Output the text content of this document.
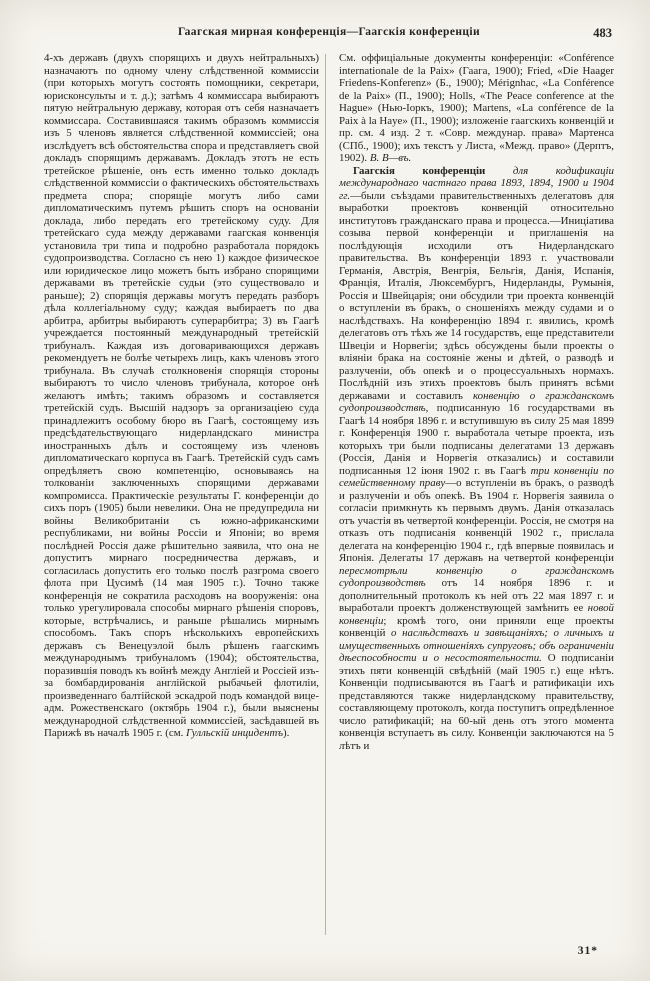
Гаагская мирная конференція—Гаагскія конференціи	483

4-хъ державъ (двухъ спорящихъ и двухъ нейтральныхъ) назначаютъ по одному члену слѣдственной коммиссіи (при которыхъ могутъ состоять помощники, секретари, юрисконсульты и т. д.); затѣмъ 4 коммиссара выбираютъ пятую нейтральную державу, которая отъ себя назначаетъ коммиссара. Составившаяся такимъ образомъ коммиссія изъ 5 членовъ является слѣдственной коммиссіей; она изслѣдуетъ всѣ обстоятельства спора и представляетъ свой докладъ спорящимъ державамъ. Докладъ этотъ не есть третейское рѣшеніе, онъ есть именно только докладъ слѣдственной коммиссіи о фактическихъ обстоятельствахъ предмета спора; спорящіе могутъ либо сами дипломатическимъ путемъ рѣшить споръ на основаніи доклада, либо передать его третейскому суду. Для третейскаго суда между державами гаагская конвенція установила три типа и подробно разработала порядокъ судопроизводства. Согласно съ нею 1) каждое физическое или юридическое лицо можетъ быть избрано спорящими державами въ третейскіе судьи (это существовало и раньше); 2) спорящія державы могутъ передать разборъ дѣла коллегіальному суду; каждая выбираетъ по два арбитра, арбитры выбираютъ суперарбитра; 3) въ Гаагѣ учреждается постоянный международный третейскій трибуналъ. Каждая изъ договаривающихся державъ рекомендуетъ не болѣе четырехъ лицъ, какъ членовъ этого трибунала. Въ случаѣ столкновенія спорящія стороны выбираютъ то число членовъ трибунала, которое онѣ желаютъ имѣть; такимъ образомъ и составляется третейскій судъ. Высшій надзоръ за организаціею суда принадлежитъ особому бюро въ Гаагѣ, состоящему изъ предсѣдательствующаго нидерландскаго министра иностранныхъ дѣлъ и состоящему изъ членовъ дипломатическаго корпуса въ Гаагѣ. Третейскій судъ самъ опредѣляетъ свою компетенцію, основываясь на толкованіи заключенныхъ спорящими державами компромисса. Практическіе результаты Г. конференціи до сихъ поръ (1905) были невелики. Она не предупредила ни войны Великобританіи съ южно-африканскими республиками, ни войны Россіи и Японіи; во время послѣдней Россія даже рѣшительно заявила, что она не допуститъ мирнаго посредничества державъ, и согласилась допустить его только послѣ разгрома своего флота при Цусимѣ (14 мая 1905 г.). Точно также конференція не сократила расходовъ на вооруженія: она только урегулировала способы мирнаго рѣшенія споровъ, которые, встрѣчались, и раньше рѣшались мирнымъ способомъ. Такъ споръ нѣсколькихъ европейскихъ державъ съ Венецуэлой былъ рѣшенъ гаагскимъ международнымъ трибуналомъ (1904); обстоятельства, поразившія поводъ къ войнѣ между Англіей и Россіей изъ-за бомбардированія англійской рыбачьей флотиліи, произведеннаго балтійской эскадрой подъ командой вице-адм. Рожественскаго (октябрь 1904 г.), были выяснены международной слѣдственной коммиссіей, засѣдавшей въ Парижѣ въ началѣ 1905 г. (см. Гулльскій инцидентъ).

См. оффиціальные документы конференціи: «Conférence internationale de la Paix» (Гаага, 1900); Fried, «Die Haager Friedens-Konferenz» (Б., 1900); Mérignhac, «La Conférence de la Paix» (П., 1900); Holls, «The Peace conference at the Hague» (Нью-Іоркъ, 1900); Martens, «La conférence de la Paix à la Haye» (П., 1900); изложеніе гаагскихъ конвенцій и пр. см. 4 изд. 2 т. «Совр. междунар. права» Мартенса (СПб., 1900); ихъ текстъ у Листа, «Межд. право» (Дерптъ, 1902). В. В—въ.

Гаагскія конференціи для кодификаціи международнаго частнаго права 1893, 1894, 1900 и 1904 гг.—были съѣздами правительственныхъ делегатовъ для выработки проектовъ конвенцій относительно институтовъ гражданскаго права и процесса.—Иниціатива созыва первой конференціи и приглашенія на послѣдующія исходили отъ Нидерландскаго правительства. Въ конференціи 1893 г. участвовали Германія, Австрія, Венгрія, Бельгія, Данія, Испанія, Франція, Италія, Люксембургъ, Нидерланды, Румынія, Россія и Швейцарія; они обсудили три проекта конвенцій о вступленіи въ бракъ, о сношеніяхъ между судами и о наслѣдствахъ. На конференцію 1894 г. явились, кромѣ делегатовъ отъ тѣхъ же 14 государствъ, еще представители Швеціи и Норвегіи; здѣсь обсуждены были проекты о вліяніи брака на состояніе жены и дѣтей, о разводѣ и разлученіи, объ опекѣ и о процессуальныхъ нормахъ. Послѣдній изъ этихъ проектовъ былъ принятъ всѣми державами и составилъ конвенцію о гражданскомъ судопроизводствѣ, подписанную 16 государствами въ Гаагѣ 14 ноября 1896 г. и вступившую въ силу 25 мая 1899 г. Конференція 1900 г. выработала четыре проекта, изъ которыхъ три были подписаны делегатами 13 державъ (Россія, Данія и Норвегія отказались) и составили подписанныя 12 іюня 1902 г. въ Гаагѣ три конвенціи по семейственному праву—о вступленіи въ бракъ, о разводѣ и разлученіи и объ опекѣ. Въ 1904 г. Норвегія заявила о согласіи примкнуть къ первымъ двумъ. Данія отказалась отъ участія въ четвертой конференціи. Россія, не смотря на отказъ отъ подписанія конвенцій 1902 г., прислала делегата на конференцію 1904 г., гдѣ впервые появилась и Японія. Делегаты 17 державъ на четвертой конференціи пересмотрѣли конвенцію о гражданскомъ судопроизводствѣ отъ 14 ноября 1896 г. и дополнительный протоколъ къ ней отъ 22 мая 1897 г. и выработали проектъ долженствующей замѣнить ее новой конвенціи; кромѣ того, они приняли еще проекты конвенцій о наслѣдствахъ и завѣщаніяхъ; о личныхъ и имущественныхъ отношеніяхъ супруговъ; объ ограниченіи дѣеспособности и о несостоятельности. О подписаніи этихъ пяти конвенцій свѣдѣній (май 1905 г.) еще нѣтъ. Конвенціи подписываются въ Гаагѣ и ратификаціи ихъ представляются также нидерландскому правительству, составляющему протоколъ, когда поступитъ опредѣленное число ратификацій; на 60-ый день отъ этого момента конвенція вступаетъ въ силу. Конвенціи заключаются на 5 лѣтъ и

31*
